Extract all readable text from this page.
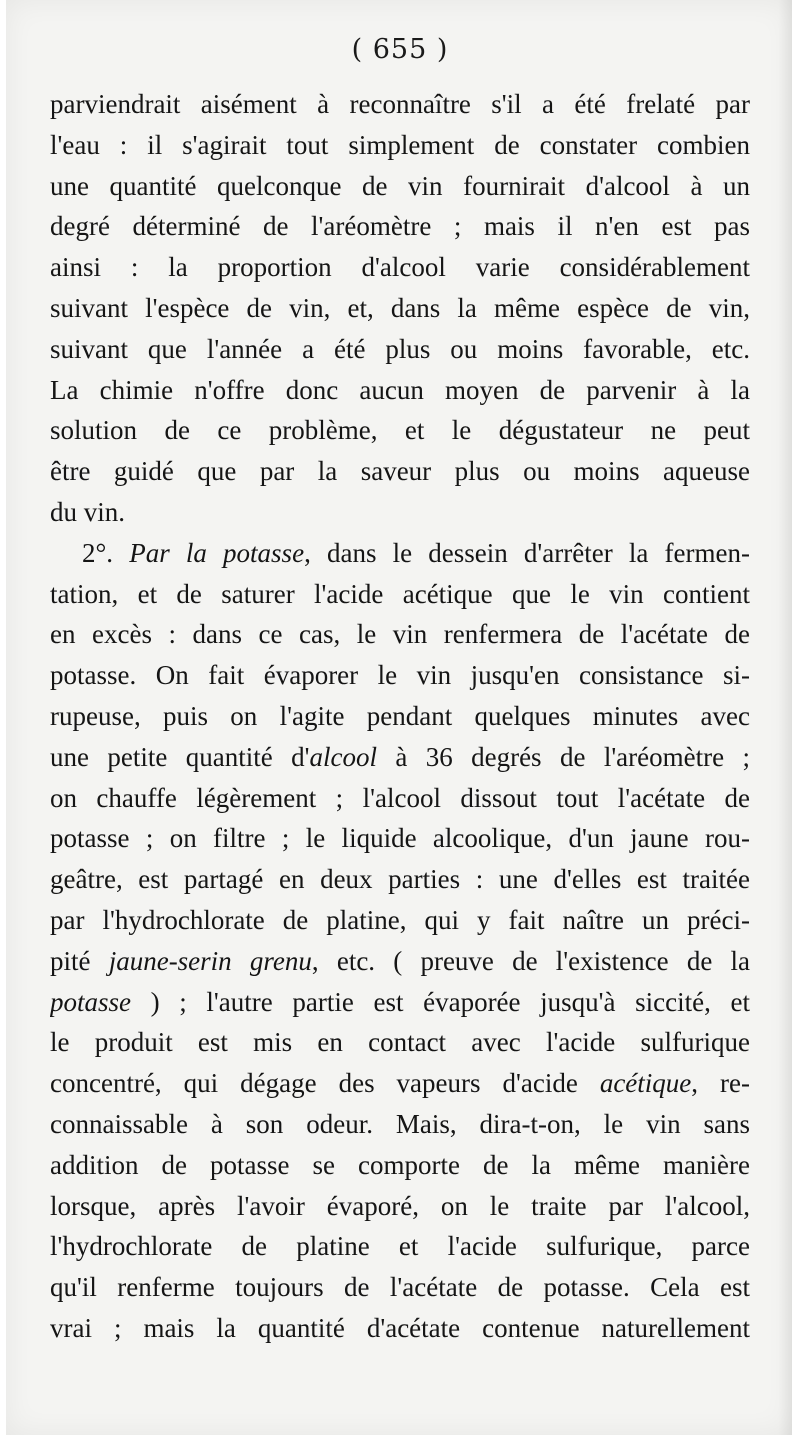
( 655 )
parviendrait aisément à reconnaître s'il a été frelaté par
l'eau : il s'agirait tout simplement de constater combien
une quantité quelconque de vin fournirait d'alcool à un
degré déterminé de l'aréomètre ; mais il n'en est pas
ainsi : la proportion d'alcool varie considérablement
suivant l'espèce de vin, et, dans la même espèce de vin,
suivant que l'année a été plus ou moins favorable, etc.
La chimie n'offre donc aucun moyen de parvenir à la
solution de ce problème, et le dégustateur ne peut
être guidé que par la saveur plus ou moins aqueuse
du vin.
2°. Par la potasse, dans le dessein d'arrêter la fermen-
tation, et de saturer l'acide acétique que le vin contient
en excès : dans ce cas, le vin renfermera de l'acétate de
potasse. On fait évaporer le vin jusqu'en consistance si-
rupeuse, puis on l'agite pendant quelques minutes avec
une petite quantité d'alcool à 36 degrés de l'aréomètre ;
on chauffe légèrement ; l'alcool dissout tout l'acétate de
potasse ; on filtre ; le liquide alcoolique, d'un jaune rou-
geâtre, est partagé en deux parties : une d'elles est traitée
par l'hydrochlorate de platine, qui y fait naître un préci-
pité jaune-serin grenu, etc. ( preuve de l'existence de la
potasse ) ; l'autre partie est évaporée jusqu'à siccité, et
le produit est mis en contact avec l'acide sulfurique
concentré, qui dégage des vapeurs d'acide acétique, re-
connaissable à son odeur. Mais, dira-t-on, le vin sans
addition de potasse se comporte de la même manière
lorsque, après l'avoir évaporé, on le traite par l'alcool,
l'hydrochlorate de platine et l'acide sulfurique, parce
qu'il renferme toujours de l'acétate de potasse. Cela est
vrai ; mais la quantité d'acétate contenue naturellement
